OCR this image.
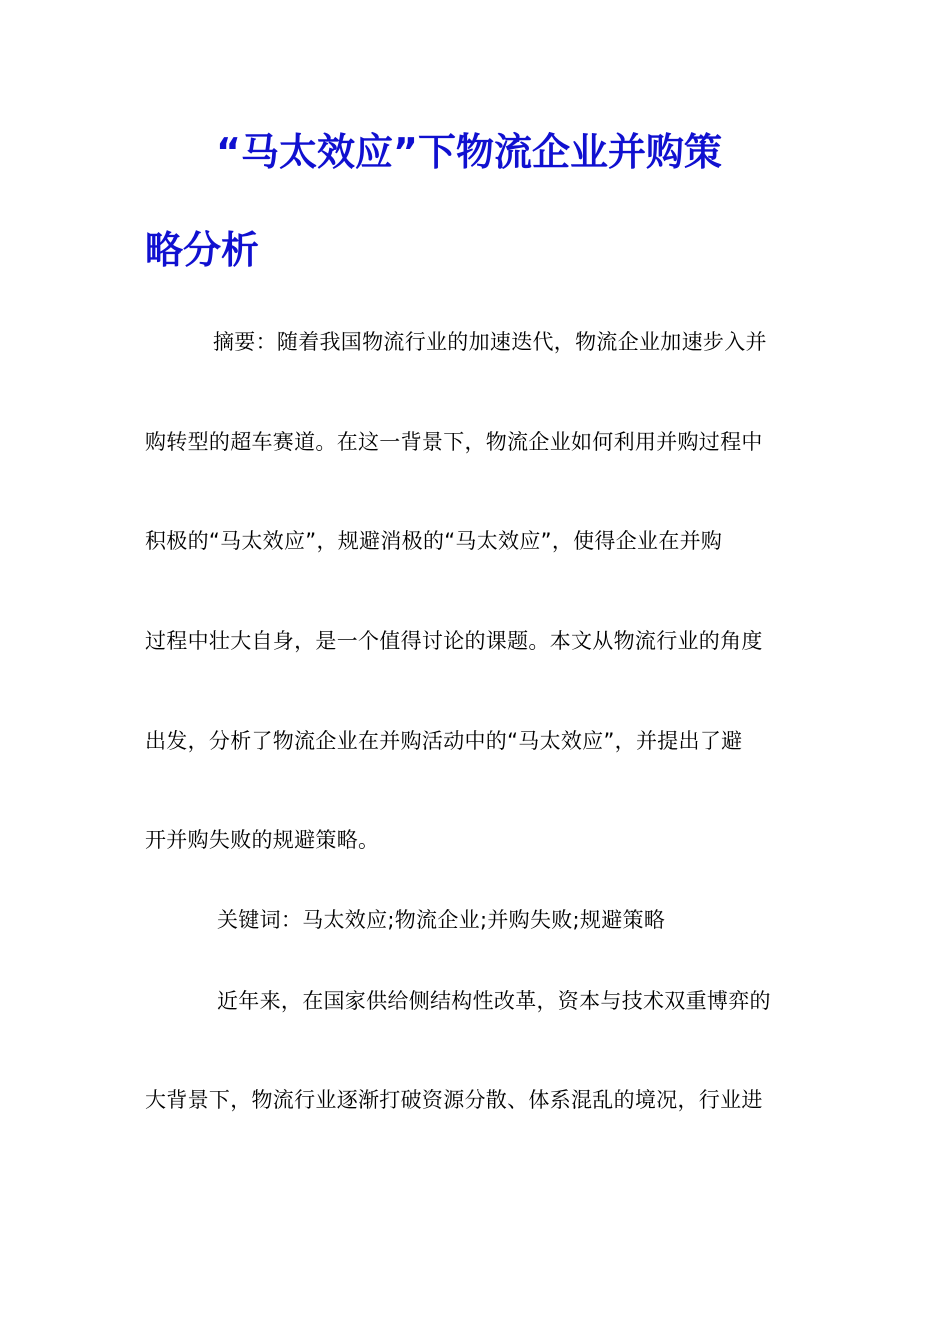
“马太效应”下物流企业并购策
略分析
摘要：随着我国物流行业的加速迭代，物流企业加速步入并
购转型的超车赛道。在这一背景下，物流企业如何利用并购过程中
积极的“马太效应”，规避消极的“马太效应”，使得企业在并购
过程中壮大自身，是一个值得讨论的课题。本文从物流行业的角度
出发，分析了物流企业在并购活动中的“马太效应”，并提出了避
开并购失败的规避策略。
关键词：马太效应;物流企业;并购失败;规避策略
近年来，在国家供给侧结构性改革，资本与技术双重博弈的
大背景下，物流行业逐渐打破资源分散、体系混乱的境况，行业进
